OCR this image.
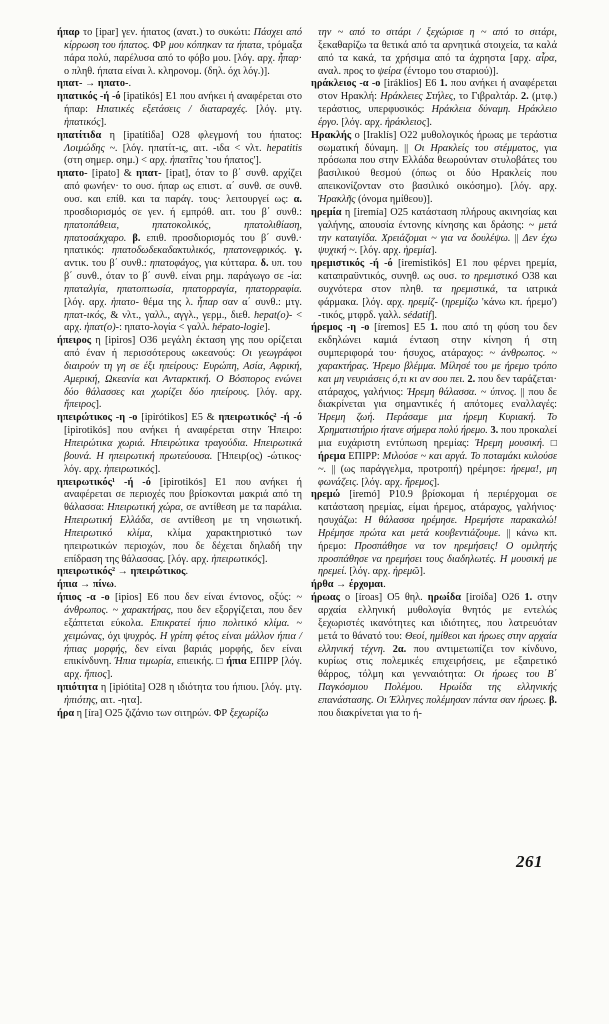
ήπαρ το [ipar] γεν. ήπατος (ανατ.) το συκώτι: Πάσχει από κίρρωση του ήπατος. ΦΡ μου κόπηκαν τα ήπατα, τρόμαξα πάρα πολύ, παρέλυσα από το φόβο μου. [λόγ. αρχ. ἧπαρ· ο πληθ. ήπατα είναι λ. κληρονομ. (δηλ. όχι λόγ.)].

ηπατ- → ηπατο-.

ηπατικός -ή -ό [ipatikós] Ε1 που ανήκει ή αναφέρεται στο ήπαρ: Ηπατικές εξετάσεις / διαταραχές. [λόγ. μτγ. ἡπατικός].

ηπατίτιδα η [ipatítiδa] Ο28 φλεγμονή του ήπατος: Λοιμώδης ~. [λόγ. ηπατίτ-ις, αιτ. -ιδα < νλτ. hepatitis (στη σημερ. σημ.) < αρχ. ἡπατῖτις 'του ήπατος'].

ηπατο- [ipato] & ηπατ- [ipat], όταν το β΄ συνθ. αρχίζει από φωνήεν· το ουσ. ήπαρ ως επιστ. α΄ συνθ. σε συνθ. ουσ. και επίθ. και τα παράγ. τους· λειτουργεί ως: α. προσδιορισμός σε γεν. ή εμπρόθ. αιτ. του β΄ συνθ.: ηπατοπάθεια, ηπατοκολικός, ηπατολιθίαση, ηπατοσάκχαρο. β. επιθ. προσδιορισμός του β΄ συνθ.· ηπατικός: ηπατοδωδεκαδακτυλικός, ηπατονεφρικός. γ. αντικ. του β΄ συνθ.: ηπατοφάγος, για κύτταρα. δ. υπ. του β΄ συνθ., όταν το β΄ συνθ. είναι ρημ. παράγωγο σε -ία: ηπαταλγία, ηπατοπτωσία, ηπατορραγία, ηπατορραφία. [λόγ. αρχ. ἡπατο- θέμα της λ. ἧπαρ σαν α΄ συνθ.: μτγ. ηπατ-ικός, & νλτ., γαλλ., αγγλ., γερμ., διεθ. hepat(o)- < αρχ. ἡπατ(ο)-: ηπατο-λογία < γαλλ. hépato-logie].

ήπειρος η [ipiros] Ο36 μεγάλη έκταση γης που ορίζεται από έναν ή περισσότερους ωκεανούς: Οι γεωγράφοι διαιρούν τη γη σε έξι ηπείρους: Ευρώπη, Ασία, Αφρική, Αμερική, Ωκεανία και Ανταρκτική. Ο Βόσπορος ενώνει δύο θάλασσες και χωρίζει δύο ηπείρους. [λόγ. αρχ. ἤπειρος].

ηπειρώτικος -η -ο [ipirótikos] Ε5 & ηπειρωτικός² -ή -ό [ipirotikós] που ανήκει ή αναφέρεται στην Ήπειρο: Ηπειρώτικα χωριά. Ηπειρώτικα τραγούδια. Ηπειρωτικά βουνά. Η ηπειρωτική πρωτεύουσα. [Ήπειρ(ος) -ώτικος· λόγ. αρχ. ἠπειρωτικός].

ηπειρωτικός¹ -ή -ό [ipirotikós] Ε1 που ανήκει ή αναφέρεται σε περιοχές που βρίσκονται μακριά από τη θάλασσα: Ηπειρωτική χώρα, σε αντίθεση με τα παράλια. Ηπειρωτική Ελλάδα, σε αντίθεση με τη νησιωτική. Ηπειρωτικό κλίμα, κλίμα χαρακτηριστικό των ηπειρωτικών περιοχών, που δε δέχεται δηλαδή την επίδραση της θάλασσας. [λόγ. αρχ. ἠπειρωτικός].

ηπειρωτικός² → ηπειρώτικος.

ήπια → πίνω.

ήπιος -α -ο [ipios] Ε6 που δεν είναι έντονος, οξύς: ~ άνθρωπος. ~ χαρακτήρας, που δεν εξοργίζεται, που δεν εξάπτεται εύκολα. Επικρατεί ήπιο πολιτικό κλίμα. ~ χειμώνας, όχι ψυχρός. Η γρίπη φέτος είναι μάλλον ήπια / ήπιας μορφής, δεν είναι βαριάς μορφής, δεν είναι επικίνδυνη. Ήπια τιμωρία, επιεικής. □ ήπια ΕΠΙΡΡ [λόγ. αρχ. ἤπιος].

ηπιότητα η [ipiótita] Ο28 η ιδιότητα του ήπιου. [λόγ. μτγ. ἠπιότης, αιτ. -ητα].

ήρα η [íra] Ο25 ζιζάνιο των σιτηρών. ΦΡ ξεχωρίζω

την ~ από το σιτάρι / ξεχώρισε η ~ από το σιτάρι, ξεκαθαρίζω τα θετικά από τα αρνητικά στοιχεία, τα καλά από τα κακά, τα χρήσιμα από τα άχρηστα [αρχ. αἶρα, αναλ. προς το ψείρα (έντομο του σταριού)].

ηράκλειος -α -ο [iráklios] Ε6 1. που ανήκει ή αναφέρεται στον Ηρακλή: Ηράκλειες Στήλες, το Γιβραλτάρ. 2. (μτφ.) τεράστιος, υπερφυσικός: Ηράκλεια δύναμη. Ηράκλειο έργο. [λόγ. αρχ. ἡράκλειος].

Ηρακλής ο [Iraklís] Ο22 μυθολογικός ήρωας με τεράστια σωματική δύναμη. || Οι Ηρακλείς του στέμματος, για πρόσωπα που στην Ελλάδα θεωρούνταν στυλοβάτες του βασιλικού θεσμού (όπως οι δύο Ηρακλείς που απεικονίζονταν στο βασιλικό οικόσημο). [λόγ. αρχ. Ἡρακλῆς (όνομα ημίθεου)].

ηρεμία η [iremía] Ο25 κατάσταση πλήρους ακινησίας και γαλήνης, απουσία έντονης κίνησης και δράσης: ~ μετά την καταιγίδα. Χρειάζομαι ~ για να δουλέψω. || Δεν έχω ψυχική ~. [λόγ. αρχ. ἠρεμία].

ηρεμιστικός -ή -ό [iremistikós] Ε1 που φέρνει ηρεμία, καταπραϋντικός, συνηθ. ως ουσ. το ηρεμιστικό Ο38 και συχνότερα στον πληθ. τα ηρεμιστικά, τα ιατρικά φάρμακα. [λόγ. αρχ. ηρεμίζ- (ηρεμίζω 'κάνω κπ. ήρεμο') -τικός, μτφρδ. γαλλ. sédatif].

ήρεμος -η -ο [íremos] Ε5 1. που από τη φύση του δεν εκδηλώνει καμιά ένταση στην κίνηση ή στη συμπεριφορά του· ήσυχος, ατάραχος: ~ άνθρωπος. ~ χαρακτήρας. Ήρεμο βλέμμα. Μίλησέ του με ήρεμο τρόπο και μη νευριάσεις ό,τι κι αν σου πει. 2. που δεν ταράζεται· ατάραχος, γαλήνιος: Ήρεμη θάλασσα. ~ ύπνος. || που δε διακρίνεται για σημαντικές ή απότομες εναλλαγές: Ήρεμη ζωή. Περάσαμε μια ήρεμη Κυριακή. Το Χρηματιστήριο ήτανε σήμερα πολύ ήρεμο. 3. που προκαλεί μια ευχάριστη εντύπωση ηρεμίας: Ήρεμη μουσική. □ ήρεμα ΕΠΙΡΡ: Μιλούσε ~ και αργά. Το ποταμάκι κυλούσε ~. || (ως παράγγελμα, προτροπή) ηρέμησε: ήρεμα!, μη φωνάζεις. [λόγ. αρχ. ἤρεμος].

ηρεμώ [iremó] Ρ10.9 βρίσκομαι ή περιέρχομαι σε κατάσταση ηρεμίας, είμαι ήρεμος, ατάραχος, γαλήνιος· ησυχάζω: Η θάλασσα ηρέμησε. Ηρεμήστε παρακαλώ! Ηρέμησε πρώτα και μετά κουβεντιάζουμε. || κάνω κπ. ήρεμο: Προσπάθησε να τον ηρεμήσεις! Ο ομιλητής προσπάθησε να ηρεμήσει τους διαδηλωτές. Η μουσική με ηρεμεί. [λόγ. αρχ. ἠρεμῶ].

ήρθα → έρχομαι.

ήρωας ο [íroas] Ο5 θηλ. ηρωίδα [iroíδa] Ο26 1. στην αρχαία ελληνική μυθολογία θνητός με εντελώς ξεχωριστές ικανότητες και ιδιότητες, που λατρευόταν μετά το θάνατό του: Θεοί, ημίθεοι και ήρωες στην αρχαία ελληνική τέχνη. 2α. που αντιμετωπίζει τον κίνδυνο, κυρίως στις πολεμικές επιχειρήσεις, με εξαιρετικό θάρρος, τόλμη και γενναιότητα: Οι ήρωες του Β΄ Παγκόσμιου Πολέμου. Ηρωίδα της ελληνικής επανάστασης. Οι Έλληνες πολέμησαν πάντα σαν ήρωες. β. που διακρίνεται για το ή-

261
